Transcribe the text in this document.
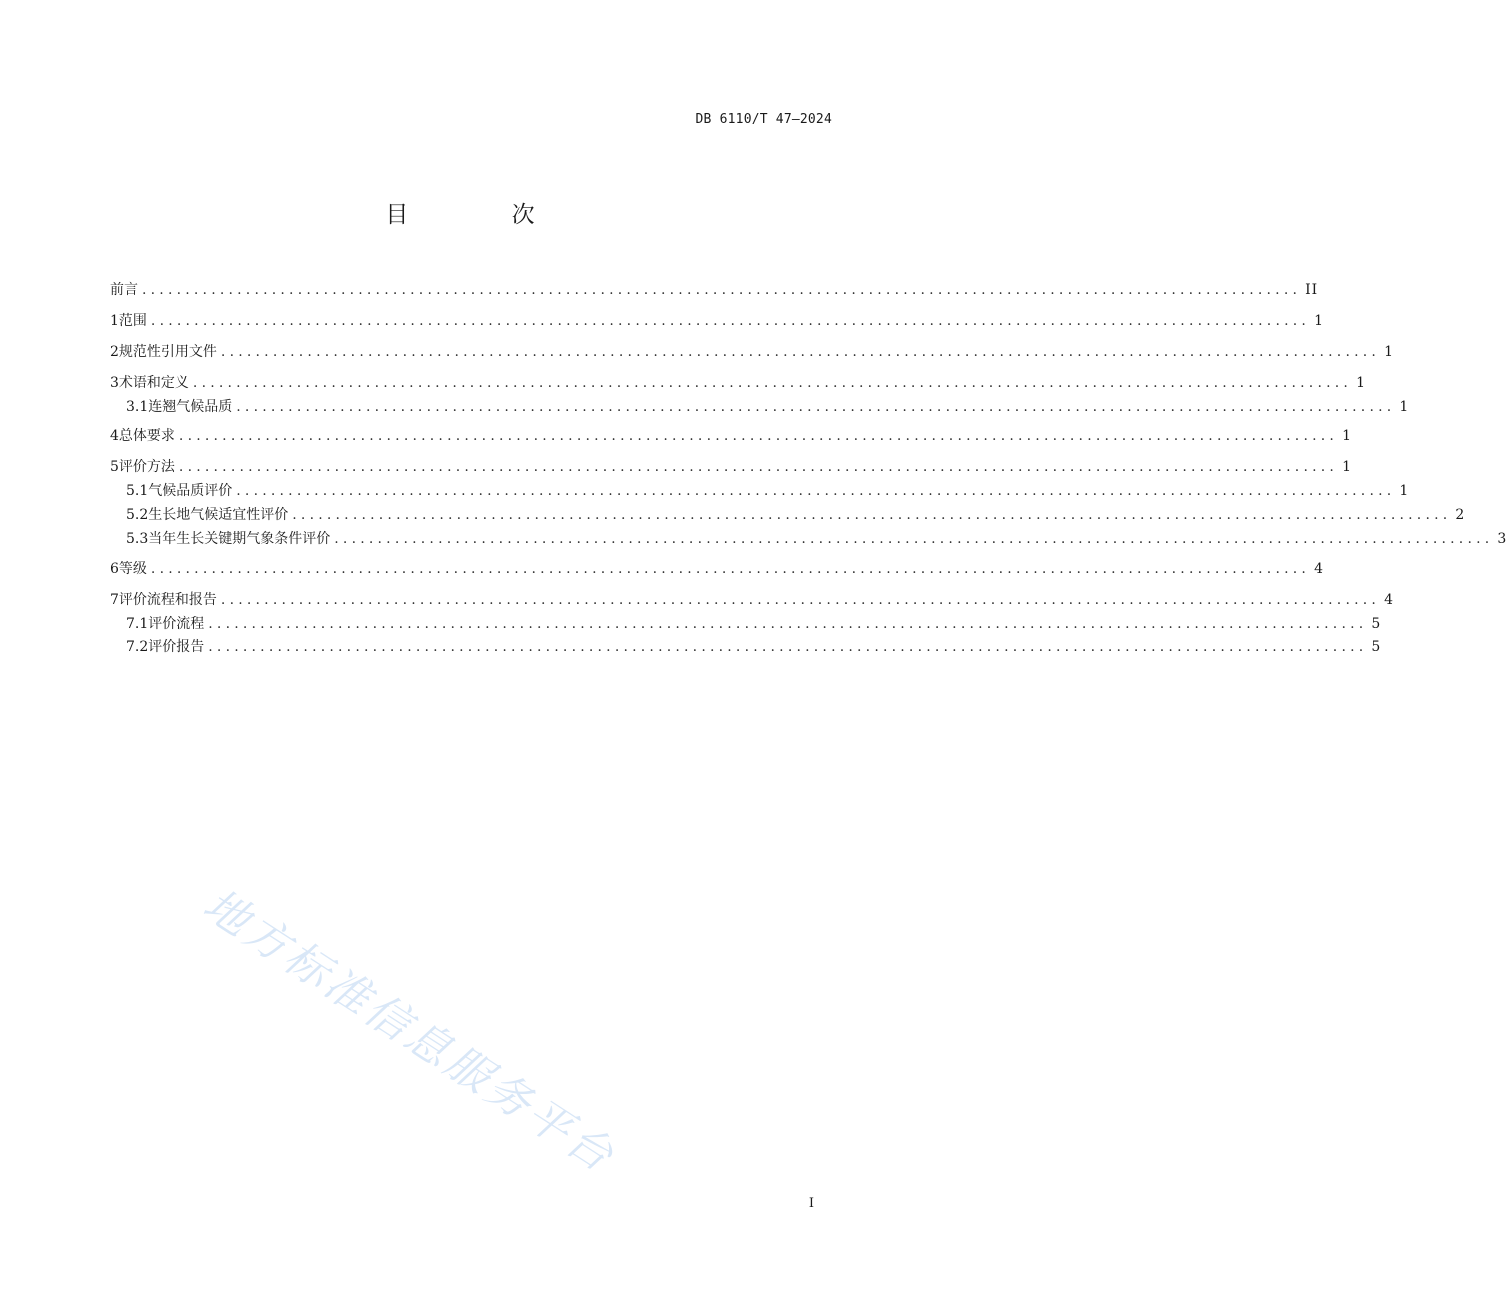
DB 6110/T 47—2024
目 次
前言 ...................................................................................................................................... II
1 范围 ...................................................................................................................................... 1
2 规范性引用文件 ...................................................................................................................................... 1
3 术语和定义 ...................................................................................................................................... 1
3.1 连翘气候品质 ...................................................................................................................................... 1
4 总体要求 ...................................................................................................................................... 1
5 评价方法 ...................................................................................................................................... 1
5.1 气候品质评价 ...................................................................................................................................... 1
5.2 生长地气候适宜性评价 ...................................................................................................................................... 2
5.3 当年生长关键期气象条件评价 ...................................................................................................................................... 3
6 等级 ...................................................................................................................................... 4
7 评价流程和报告 ...................................................................................................................................... 4
7.1 评价流程 ...................................................................................................................................... 5
7.2 评价报告 ...................................................................................................................................... 5
地方标准信息服务平台
I
